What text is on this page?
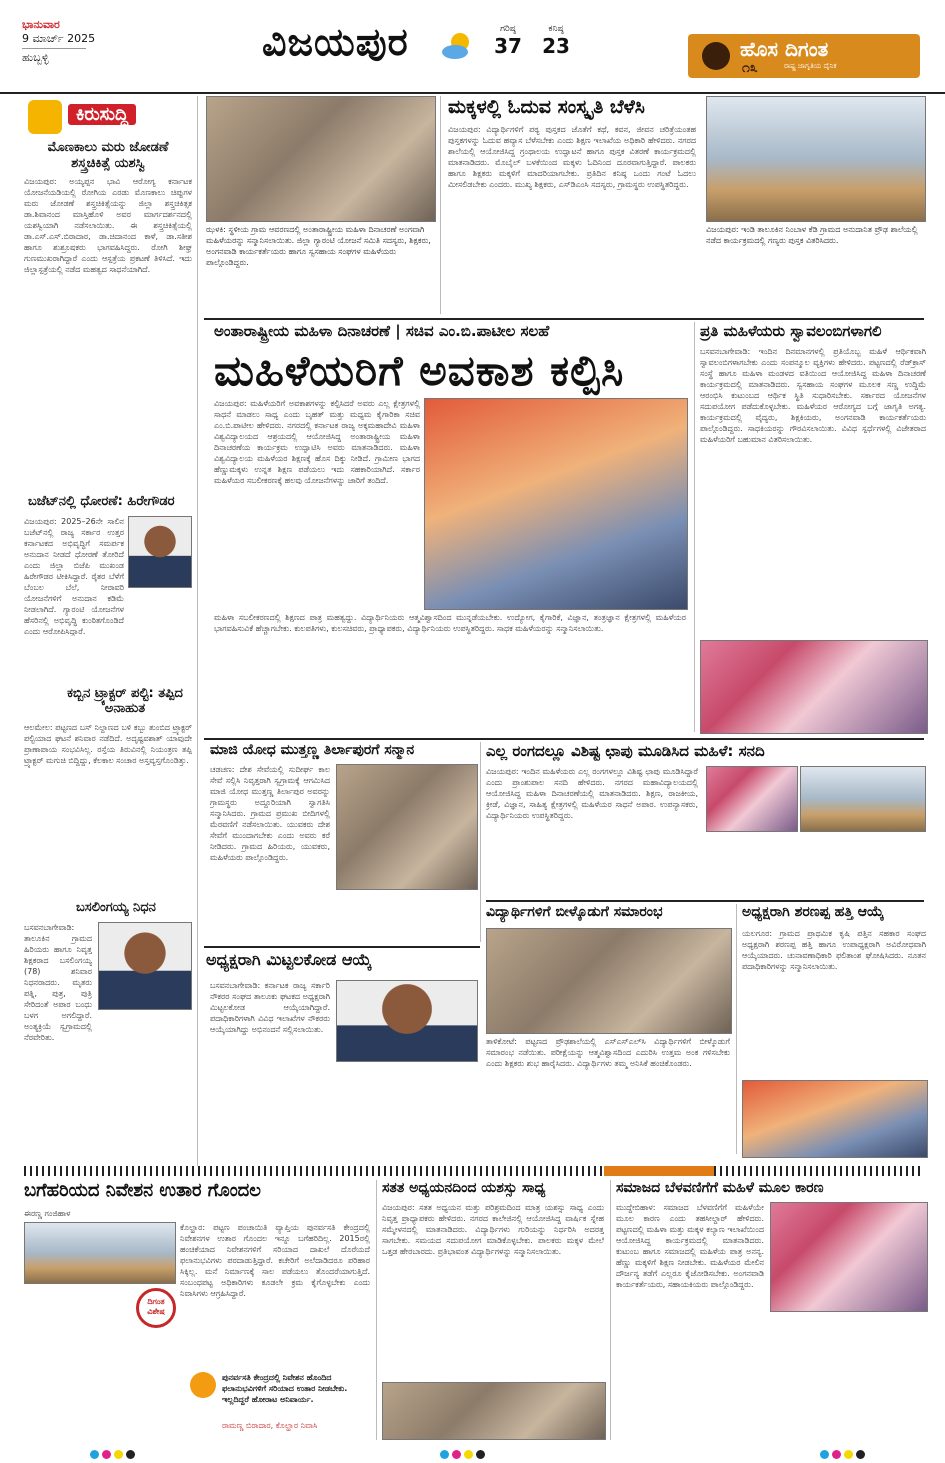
ಭಾನುವಾರ
9 ಮಾರ್ಚ್ 2025
ಹುಬ್ಬಳ್ಳಿ	ವಿಜಯಪುರ	ಗರಿಷ್ಠ
37
ಕನಿಷ್ಠ
23	ಹೊಸ ದಿಗಂತ
೧೩	ರಾಷ್ಟ್ರ ಜಾಗೃತಿಯ ದೈನಿಕ
ಕಿರುಸುದ್ದಿ
ಮೊಣಕಾಲು ಮರು ಜೋಡಣೆ ಶಸ್ತ್ರಚಿಕಿತ್ಸೆ ಯಶಸ್ವಿ
ವಿಜಯಪುರ: ಅಯ್ಯಪ್ಪನ ಭಾವಿ ಆರೋಗ್ಯ ಕರ್ನಾಟಕ ಯೋಜನೆಯಡಿಯಲ್ಲಿ ರೋಗಿಯ ಎರಡು ಮೊಣಕಾಲು ಚಿಪ್ಪುಗಳ ಮರು ಜೋಡಣೆ ಶಸ್ತ್ರಚಿಕಿತ್ಸೆಯನ್ನು ಜಿಲ್ಲಾ ಶಸ್ತ್ರಚಿಕಿತ್ಸಕ ಡಾ.ಶಿವಾನಂದ ಮಾಸ್ತಿಹೊಳಿ ಅವರ ಮಾರ್ಗದರ್ಶನದಲ್ಲಿ ಯಶಸ್ವಿಯಾಗಿ ನಡೆಸಲಾಯಿತು. ಈ ಶಸ್ತ್ರಚಿಕಿತ್ಸೆಯಲ್ಲಿ ಡಾ.ಎಸ್.ಎಸ್.ಬಿರಾದಾರ, ಡಾ.ಚಿದಾನಂದ ಕಾಳೆ, ಡಾ.ಸತೀಶ ಹಾಗೂ ಶುಶ್ರೂಷಕರು ಭಾಗವಹಿಸಿದ್ದರು. ರೋಗಿ ಶೀಘ್ರ ಗುಣಮುಖರಾಗಿದ್ದಾರೆ ಎಂದು ಆಸ್ಪತ್ರೆಯ ಪ್ರಕಟಣೆ ತಿಳಿಸಿದೆ. ಇದು ಜಿಲ್ಲಾಸ್ಪತ್ರೆಯಲ್ಲಿ ನಡೆದ ಮಹತ್ವದ ಸಾಧನೆಯಾಗಿದೆ.
ಬಜೆಟ್‌ನಲ್ಲಿ ಧೋರಣೆ: ಹಿರೇಗೌಡರ
ವಿಜಯಪುರ: 2025–26ನೇ ಸಾಲಿನ ಬಜೆಟ್‌ನಲ್ಲಿ ರಾಜ್ಯ ಸರ್ಕಾರ ಉತ್ತರ ಕರ್ನಾಟಕದ ಅಭಿವೃದ್ಧಿಗೆ ಸಮರ್ಪಕ ಅನುದಾನ ನೀಡದೆ ಧೋರಣೆ ತೋರಿದೆ ಎಂದು ಜಿಲ್ಲಾ ಬಿಜೆಪಿ ಮುಖಂಡ ಹಿರೇಗೌಡರ ಟೀಕಿಸಿದ್ದಾರೆ. ರೈತರ ಬೆಳೆಗೆ ಬೆಂಬಲ ಬೆಲೆ, ನೀರಾವರಿ ಯೋಜನೆಗಳಿಗೆ ಅನುದಾನ ಕಡಿಮೆ ನೀಡಲಾಗಿದೆ. ಗ್ಯಾರಂಟಿ ಯೋಜನೆಗಳ ಹೆಸರಿನಲ್ಲಿ ಅಭಿವೃದ್ಧಿ ಕುಂಠಿತಗೊಂಡಿದೆ ಎಂದು ಆರೋಪಿಸಿದ್ದಾರೆ.
ಕಬ್ಬಿನ ಟ್ರ್ಯಾಕ್ಟರ್ ಪಲ್ಟಿ: ತಪ್ಪಿದ ಅನಾಹುತ
ಆಲಮೇಲ: ಪಟ್ಟಣದ ಬಸ್ ನಿಲ್ದಾಣದ ಬಳಿ ಕಬ್ಬು ತುಂಬಿದ ಟ್ರ್ಯಾಕ್ಟರ್ ಪಲ್ಟಿಯಾದ ಘಟನೆ ಶನಿವಾರ ನಡೆದಿದೆ. ಅದೃಷ್ಟವಶಾತ್ ಯಾವುದೇ ಪ್ರಾಣಾಪಾಯ ಸಂಭವಿಸಿಲ್ಲ. ರಸ್ತೆಯ ತಿರುವಿನಲ್ಲಿ ನಿಯಂತ್ರಣ ತಪ್ಪಿ ಟ್ರ್ಯಾಕ್ಟರ್ ಮಗುಚಿ ಬಿದ್ದಿದ್ದು, ಕೆಲಕಾಲ ಸಂಚಾರ ಅಸ್ತವ್ಯಸ್ತಗೊಂಡಿತ್ತು.
ಬಸಲಿಂಗಯ್ಯ ನಿಧನ
ಬಸವನಬಾಗೇವಾಡಿ: ತಾಲೂಕಿನ ಗ್ರಾಮದ ಹಿರಿಯರು ಹಾಗೂ ನಿವೃತ್ತ ಶಿಕ್ಷಕರಾದ ಬಸಲಿಂಗಯ್ಯ (78) ಶನಿವಾರ ನಿಧನರಾದರು. ಮೃತರು ಪತ್ನಿ, ಪುತ್ರ, ಪುತ್ರಿ ಸೇರಿದಂತೆ ಅಪಾರ ಬಂಧು ಬಳಗ ಅಗಲಿದ್ದಾರೆ. ಅಂತ್ಯಕ್ರಿಯೆ ಸ್ವಗ್ರಾಮದಲ್ಲಿ ನೆರವೇರಿತು.
ಝಳಕಿ: ಸ್ಥಳೀಯ ಗ್ರಾಮ ಆವರಣದಲ್ಲಿ ಅಂತಾರಾಷ್ಟ್ರೀಯ ಮಹಿಳಾ ದಿನಾಚರಣೆ ಅಂಗವಾಗಿ ಮಹಿಳೆಯರನ್ನು ಸನ್ಮಾನಿಸಲಾಯಿತು. ಜಿಲ್ಲಾ ಗ್ಯಾರಂಟಿ ಯೋಜನೆ ಸಮಿತಿ ಸದಸ್ಯರು, ಶಿಕ್ಷಕರು, ಅಂಗನವಾಡಿ ಕಾರ್ಯಕರ್ತೆಯರು ಹಾಗೂ ಸ್ವಸಹಾಯ ಸಂಘಗಳ ಮಹಿಳೆಯರು ಪಾಲ್ಗೊಂಡಿದ್ದರು.
ಮಕ್ಕಳಲ್ಲಿ ಓದುವ ಸಂಸ್ಕೃತಿ ಬೆಳೆಸಿ
ವಿಜಯಪುರ: ವಿದ್ಯಾರ್ಥಿಗಳಿಗೆ ಪಠ್ಯ ಪುಸ್ತಕದ ಜೊತೆಗೆ ಕಥೆ, ಕವನ, ಜೀವನ ಚರಿತ್ರೆಯಂತಹ ಪುಸ್ತಕಗಳನ್ನು ಓದುವ ಹವ್ಯಾಸ ಬೆಳೆಸಬೇಕು ಎಂದು ಶಿಕ್ಷಣ ಇಲಾಖೆಯ ಅಧಿಕಾರಿ ಹೇಳಿದರು. ನಗರದ ಶಾಲೆಯಲ್ಲಿ ಆಯೋಜಿಸಿದ್ದ ಗ್ರಂಥಾಲಯ ಉದ್ಘಾಟನೆ ಹಾಗೂ ಪುಸ್ತಕ ವಿತರಣೆ ಕಾರ್ಯಕ್ರಮದಲ್ಲಿ ಮಾತನಾಡಿದರು. ಮೊಬೈಲ್ ಬಳಕೆಯಿಂದ ಮಕ್ಕಳು ಓದಿನಿಂದ ದೂರವಾಗುತ್ತಿದ್ದಾರೆ. ಪಾಲಕರು ಹಾಗೂ ಶಿಕ್ಷಕರು ಮಕ್ಕಳಿಗೆ ಮಾದರಿಯಾಗಬೇಕು. ಪ್ರತಿದಿನ ಕನಿಷ್ಠ ಒಂದು ಗಂಟೆ ಓದಲು ಮೀಸಲಿಡಬೇಕು ಎಂದರು. ಮುಖ್ಯ ಶಿಕ್ಷಕರು, ಎಸ್‌ಡಿಎಂಸಿ ಸದಸ್ಯರು, ಗ್ರಾಮಸ್ಥರು ಉಪಸ್ಥಿತರಿದ್ದರು.
ವಿಜಯಪುರ: ಇಂಡಿ ತಾಲೂಕಿನ ನಿಂಬಾಳ ಕೆಡಿ ಗ್ರಾಮದ ಅನುದಾನಿತ ಪ್ರೌಢ ಶಾಲೆಯಲ್ಲಿ ನಡೆದ ಕಾರ್ಯಕ್ರಮದಲ್ಲಿ ಗಣ್ಯರು ಪುಸ್ತಕ ವಿತರಿಸಿದರು.
ಅಂತಾರಾಷ್ಟ್ರೀಯ ಮಹಿಳಾ ದಿನಾಚರಣೆ | ಸಚಿವ ಎಂ.ಬಿ.ಪಾಟೀಲ ಸಲಹೆ
ಮಹಿಳೆಯರಿಗೆ ಅವಕಾಶ ಕಲ್ಪಿಸಿ
ವಿಜಯಪುರ: ಮಹಿಳೆಯರಿಗೆ ಅವಕಾಶಗಳನ್ನು ಕಲ್ಪಿಸಿದರೆ ಅವರು ಎಲ್ಲ ಕ್ಷೇತ್ರಗಳಲ್ಲಿ ಸಾಧನೆ ಮಾಡಲು ಸಾಧ್ಯ ಎಂದು ಬೃಹತ್ ಮತ್ತು ಮಧ್ಯಮ ಕೈಗಾರಿಕಾ ಸಚಿವ ಎಂ.ಬಿ.ಪಾಟೀಲ ಹೇಳಿದರು. ನಗರದಲ್ಲಿ ಕರ್ನಾಟಕ ರಾಜ್ಯ ಅಕ್ಕಮಹಾದೇವಿ ಮಹಿಳಾ ವಿಶ್ವವಿದ್ಯಾಲಯದ ಆಶ್ರಯದಲ್ಲಿ ಆಯೋಜಿಸಿದ್ದ ಅಂತಾರಾಷ್ಟ್ರೀಯ ಮಹಿಳಾ ದಿನಾಚರಣೆಯ ಕಾರ್ಯಕ್ರಮ ಉದ್ಘಾಟಿಸಿ ಅವರು ಮಾತನಾಡಿದರು. ಮಹಿಳಾ ವಿಶ್ವವಿದ್ಯಾಲಯ ಮಹಿಳೆಯರ ಶಿಕ್ಷಣಕ್ಕೆ ಹೊಸ ದಿಕ್ಕು ನೀಡಿದೆ. ಗ್ರಾಮೀಣ ಭಾಗದ ಹೆಣ್ಣುಮಕ್ಕಳು ಉನ್ನತ ಶಿಕ್ಷಣ ಪಡೆಯಲು ಇದು ಸಹಕಾರಿಯಾಗಿದೆ. ಸರ್ಕಾರ ಮಹಿಳೆಯರ ಸಬಲೀಕರಣಕ್ಕೆ ಹಲವು ಯೋಜನೆಗಳನ್ನು ಜಾರಿಗೆ ತಂದಿದೆ.
ಮಹಿಳಾ ಸಬಲೀಕರಣದಲ್ಲಿ ಶಿಕ್ಷಣದ ಪಾತ್ರ ಮಹತ್ವದ್ದು. ವಿದ್ಯಾರ್ಥಿನಿಯರು ಆತ್ಮವಿಶ್ವಾಸದಿಂದ ಮುನ್ನಡೆಯಬೇಕು. ಉದ್ಯೋಗ, ಕೈಗಾರಿಕೆ, ವಿಜ್ಞಾನ, ತಂತ್ರಜ್ಞಾನ ಕ್ಷೇತ್ರಗಳಲ್ಲಿ ಮಹಿಳೆಯರ ಭಾಗವಹಿಸುವಿಕೆ ಹೆಚ್ಚಾಗಬೇಕು. ಕುಲಪತಿಗಳು, ಕುಲಸಚಿವರು, ಪ್ರಾಧ್ಯಾಪಕರು, ವಿದ್ಯಾರ್ಥಿನಿಯರು ಉಪಸ್ಥಿತರಿದ್ದರು. ಸಾಧಕ ಮಹಿಳೆಯರನ್ನು ಸನ್ಮಾನಿಸಲಾಯಿತು.
ಪ್ರತಿ ಮಹಿಳೆಯರು ಸ್ವಾವಲಂಬಿಗಳಾಗಲಿ
ಬಸವನಬಾಗೇವಾಡಿ: ಇಂದಿನ ದಿನಮಾನಗಳಲ್ಲಿ ಪ್ರತಿಯೊಬ್ಬ ಮಹಿಳೆ ಆರ್ಥಿಕವಾಗಿ ಸ್ವಾವಲಂಬಿಗಳಾಗಬೇಕು ಎಂದು ಸಂಪನ್ಮೂಲ ವ್ಯಕ್ತಿಗಳು ಹೇಳಿದರು. ಪಟ್ಟಣದಲ್ಲಿ ರೆಡ್‌ಕ್ರಾಸ್ ಸಂಸ್ಥೆ ಹಾಗೂ ಮಹಿಳಾ ಮಂಡಳದ ವತಿಯಿಂದ ಆಯೋಜಿಸಿದ್ದ ಮಹಿಳಾ ದಿನಾಚರಣೆ ಕಾರ್ಯಕ್ರಮದಲ್ಲಿ ಮಾತನಾಡಿದರು. ಸ್ವಸಹಾಯ ಸಂಘಗಳ ಮೂಲಕ ಸಣ್ಣ ಉದ್ದಿಮೆ ಆರಂಭಿಸಿ ಕುಟುಂಬದ ಆರ್ಥಿಕ ಸ್ಥಿತಿ ಸುಧಾರಿಸಬೇಕು. ಸರ್ಕಾರದ ಯೋಜನೆಗಳ ಸದುಪಯೋಗ ಪಡೆದುಕೊಳ್ಳಬೇಕು. ಮಹಿಳೆಯರ ಆರೋಗ್ಯದ ಬಗ್ಗೆ ಜಾಗೃತಿ ಅಗತ್ಯ. ಕಾರ್ಯಕ್ರಮದಲ್ಲಿ ವೈದ್ಯರು, ಶಿಕ್ಷಕಿಯರು, ಅಂಗನವಾಡಿ ಕಾರ್ಯಕರ್ತೆಯರು ಪಾಲ್ಗೊಂಡಿದ್ದರು. ಸಾಧಕಿಯರನ್ನು ಗೌರವಿಸಲಾಯಿತು. ವಿವಿಧ ಸ್ಪರ್ಧೆಗಳಲ್ಲಿ ವಿಜೇತರಾದ ಮಹಿಳೆಯರಿಗೆ ಬಹುಮಾನ ವಿತರಿಸಲಾಯಿತು.
ಮಾಜಿ ಯೋಧ ಮುತ್ತಣ್ಣ ತಿರ್ಲಾಪುರಗೆ ಸನ್ಮಾನ
ಚಡಚಣ: ದೇಶ ಸೇವೆಯಲ್ಲಿ ಸುದೀರ್ಘ ಕಾಲ ಸೇವೆ ಸಲ್ಲಿಸಿ ನಿವೃತ್ತರಾಗಿ ಸ್ವಗ್ರಾಮಕ್ಕೆ ಆಗಮಿಸಿದ ಮಾಜಿ ಯೋಧ ಮುತ್ತಣ್ಣ ತಿರ್ಲಾಪುರ ಅವರನ್ನು ಗ್ರಾಮಸ್ಥರು ಅದ್ದೂರಿಯಾಗಿ ಸ್ವಾಗತಿಸಿ ಸನ್ಮಾನಿಸಿದರು. ಗ್ರಾಮದ ಪ್ರಮುಖ ಬೀದಿಗಳಲ್ಲಿ ಮೆರವಣಿಗೆ ನಡೆಸಲಾಯಿತು. ಯುವಕರು ದೇಶ ಸೇವೆಗೆ ಮುಂದಾಗಬೇಕು ಎಂದು ಅವರು ಕರೆ ನೀಡಿದರು. ಗ್ರಾಮದ ಹಿರಿಯರು, ಯುವಕರು, ಮಹಿಳೆಯರು ಪಾಲ್ಗೊಂಡಿದ್ದರು.
ಎಲ್ಲ ರಂಗದಲ್ಲೂ ವಿಶಿಷ್ಟ ಛಾಪು ಮೂಡಿಸಿದ ಮಹಿಳೆ: ಸನದಿ
ವಿಜಯಪುರ: ಇಂದಿನ ಮಹಿಳೆಯರು ಎಲ್ಲ ರಂಗಗಳಲ್ಲೂ ವಿಶಿಷ್ಟ ಛಾಪು ಮೂಡಿಸಿದ್ದಾರೆ ಎಂದು ಪ್ರಾಂಶುಪಾಲ ಸನದಿ ಹೇಳಿದರು. ನಗರದ ಮಹಾವಿದ್ಯಾಲಯದಲ್ಲಿ ಆಯೋಜಿಸಿದ್ದ ಮಹಿಳಾ ದಿನಾಚರಣೆಯಲ್ಲಿ ಮಾತನಾಡಿದರು. ಶಿಕ್ಷಣ, ರಾಜಕೀಯ, ಕ್ರೀಡೆ, ವಿಜ್ಞಾನ, ಸಾಹಿತ್ಯ ಕ್ಷೇತ್ರಗಳಲ್ಲಿ ಮಹಿಳೆಯರ ಸಾಧನೆ ಅಪಾರ. ಉಪನ್ಯಾಸಕರು, ವಿದ್ಯಾರ್ಥಿನಿಯರು ಉಪಸ್ಥಿತರಿದ್ದರು.
ವಿದ್ಯಾರ್ಥಿಗಳಿಗೆ ಬೀಳ್ಕೊಡುಗೆ ಸಮಾರಂಭ
ತಾಳಿಕೋಟೆ: ಪಟ್ಟಣದ ಪ್ರೌಢಶಾಲೆಯಲ್ಲಿ ಎಸ್‌ಎಸ್‌ಎಲ್‌ಸಿ ವಿದ್ಯಾರ್ಥಿಗಳಿಗೆ ಬೀಳ್ಕೊಡುಗೆ ಸಮಾರಂಭ ನಡೆಯಿತು. ಪರೀಕ್ಷೆಯನ್ನು ಆತ್ಮವಿಶ್ವಾಸದಿಂದ ಎದುರಿಸಿ ಉತ್ತಮ ಅಂಕ ಗಳಿಸಬೇಕು ಎಂದು ಶಿಕ್ಷಕರು ಶುಭ ಹಾರೈಸಿದರು. ವಿದ್ಯಾರ್ಥಿಗಳು ತಮ್ಮ ಅನಿಸಿಕೆ ಹಂಚಿಕೊಂಡರು.
ಅಧ್ಯಕ್ಷರಾಗಿ ಶರಣಪ್ಪ ಹತ್ತಿ ಆಯ್ಕೆ
ಯಲಗೂರ: ಗ್ರಾಮದ ಪ್ರಾಥಮಿಕ ಕೃಷಿ ಪತ್ತಿನ ಸಹಕಾರ ಸಂಘದ ಅಧ್ಯಕ್ಷರಾಗಿ ಶರಣಪ್ಪ ಹತ್ತಿ ಹಾಗೂ ಉಪಾಧ್ಯಕ್ಷರಾಗಿ ಅವಿರೋಧವಾಗಿ ಆಯ್ಕೆಯಾದರು. ಚುನಾವಣಾಧಿಕಾರಿ ಫಲಿತಾಂಶ ಘೋಷಿಸಿದರು. ನೂತನ ಪದಾಧಿಕಾರಿಗಳನ್ನು ಸನ್ಮಾನಿಸಲಾಯಿತು.
ಅಧ್ಯಕ್ಷರಾಗಿ ಮಿಟ್ಟಲಕೋಡ ಆಯ್ಕೆ
ಬಸವನಬಾಗೇವಾಡಿ: ಕರ್ನಾಟಕ ರಾಜ್ಯ ಸರ್ಕಾರಿ ನೌಕರರ ಸಂಘದ ತಾಲೂಕು ಘಟಕದ ಅಧ್ಯಕ್ಷರಾಗಿ ಮಿಟ್ಟಲಕೋಡ ಆಯ್ಕೆಯಾಗಿದ್ದಾರೆ. ಪದಾಧಿಕಾರಿಗಳಾಗಿ ವಿವಿಧ ಇಲಾಖೆಗಳ ನೌಕರರು ಆಯ್ಕೆಯಾಗಿದ್ದು ಅಭಿನಂದನೆ ಸಲ್ಲಿಸಲಾಯಿತು.
ಬಗೆಹರಿಯದ ನಿವೇಶನ ಉತಾರ ಗೊಂದಲ
ಈರಣ್ಣ ಗಂಜಿಹಾಳ
ಕೊಲ್ಹಾರ: ಪಟ್ಟಣ ಪಂಚಾಯಿತಿ ವ್ಯಾಪ್ತಿಯ ಪುನರ್ವಸತಿ ಕೇಂದ್ರದಲ್ಲಿ ನಿವೇಶನಗಳ ಉತಾರ ಗೊಂದಲ ಇನ್ನೂ ಬಗೆಹರಿದಿಲ್ಲ. 2015ರಲ್ಲಿ ಹಂಚಿಕೆಯಾದ ನಿವೇಶನಗಳಿಗೆ ಸರಿಯಾದ ದಾಖಲೆ ದೊರೆಯದೆ ಫಲಾನುಭವಿಗಳು ಪರದಾಡುತ್ತಿದ್ದಾರೆ. ಕಚೇರಿಗೆ ಅಲೆದಾಡಿದರೂ ಪರಿಹಾರ ಸಿಕ್ಕಿಲ್ಲ. ಮನೆ ನಿರ್ಮಾಣಕ್ಕೆ ಸಾಲ ಪಡೆಯಲು ತೊಂದರೆಯಾಗುತ್ತಿದೆ. ಸಂಬಂಧಪಟ್ಟ ಅಧಿಕಾರಿಗಳು ಕೂಡಲೇ ಕ್ರಮ ಕೈಗೊಳ್ಳಬೇಕು ಎಂದು ನಿವಾಸಿಗಳು ಆಗ್ರಹಿಸಿದ್ದಾರೆ.
ದಿಗಂತ ವಿಶೇಷ
ಪುನರ್ವಸತಿ ಕೇಂದ್ರದಲ್ಲಿ ನಿವೇಶನ ಹೊಂದಿದ ಫಲಾನುಭವಿಗಳಿಗೆ ಸರಿಯಾದ ಉತಾರ ನೀಡಬೇಕು. ಇಲ್ಲದಿದ್ದರೆ ಹೋರಾಟ ಅನಿವಾರ್ಯ.
ರಾಮಣ್ಣ ಬಿರಾದಾರ, ಕೊಲ್ಹಾರ ನಿವಾಸಿ
ಸತತ ಅಧ್ಯಯನದಿಂದ ಯಶಸ್ಸು ಸಾಧ್ಯ
ವಿಜಯಪುರ: ಸತತ ಅಧ್ಯಯನ ಮತ್ತು ಪರಿಶ್ರಮದಿಂದ ಮಾತ್ರ ಯಶಸ್ಸು ಸಾಧ್ಯ ಎಂದು ನಿವೃತ್ತ ಪ್ರಾಧ್ಯಾಪಕರು ಹೇಳಿದರು. ನಗರದ ಕಾಲೇಜಿನಲ್ಲಿ ಆಯೋಜಿಸಿದ್ದ ವಾರ್ಷಿಕ ಸ್ನೇಹ ಸಮ್ಮೇಳನದಲ್ಲಿ ಮಾತನಾಡಿದರು. ವಿದ್ಯಾರ್ಥಿಗಳು ಗುರಿಯನ್ನು ನಿರ್ಧರಿಸಿ ಅದರತ್ತ ಸಾಗಬೇಕು. ಸಮಯದ ಸದುಪಯೋಗ ಮಾಡಿಕೊಳ್ಳಬೇಕು. ಪಾಲಕರು ಮಕ್ಕಳ ಮೇಲೆ ಒತ್ತಡ ಹೇರಬಾರದು. ಪ್ರತಿಭಾವಂತ ವಿದ್ಯಾರ್ಥಿಗಳನ್ನು ಸನ್ಮಾನಿಸಲಾಯಿತು.
ಸಮಾಜದ ಬೆಳವಣಿಗೆಗೆ ಮಹಿಳೆ ಮೂಲ ಕಾರಣ
ಮುದ್ದೇಬಿಹಾಳ: ಸಮಾಜದ ಬೆಳವಣಿಗೆಗೆ ಮಹಿಳೆಯೇ ಮೂಲ ಕಾರಣ ಎಂದು ತಹಸೀಲ್ದಾರ್ ಹೇಳಿದರು. ಪಟ್ಟಣದಲ್ಲಿ ಮಹಿಳಾ ಮತ್ತು ಮಕ್ಕಳ ಕಲ್ಯಾಣ ಇಲಾಖೆಯಿಂದ ಆಯೋಜಿಸಿದ್ದ ಕಾರ್ಯಕ್ರಮದಲ್ಲಿ ಮಾತನಾಡಿದರು. ಕುಟುಂಬ ಹಾಗೂ ಸಮಾಜದಲ್ಲಿ ಮಹಿಳೆಯ ಪಾತ್ರ ಅನನ್ಯ. ಹೆಣ್ಣು ಮಕ್ಕಳಿಗೆ ಶಿಕ್ಷಣ ನೀಡಬೇಕು. ಮಹಿಳೆಯರ ಮೇಲಿನ ದೌರ್ಜನ್ಯ ತಡೆಗೆ ಎಲ್ಲರೂ ಕೈಜೋಡಿಸಬೇಕು. ಅಂಗನವಾಡಿ ಕಾರ್ಯಕರ್ತೆಯರು, ಸಹಾಯಕಿಯರು ಪಾಲ್ಗೊಂಡಿದ್ದರು.
